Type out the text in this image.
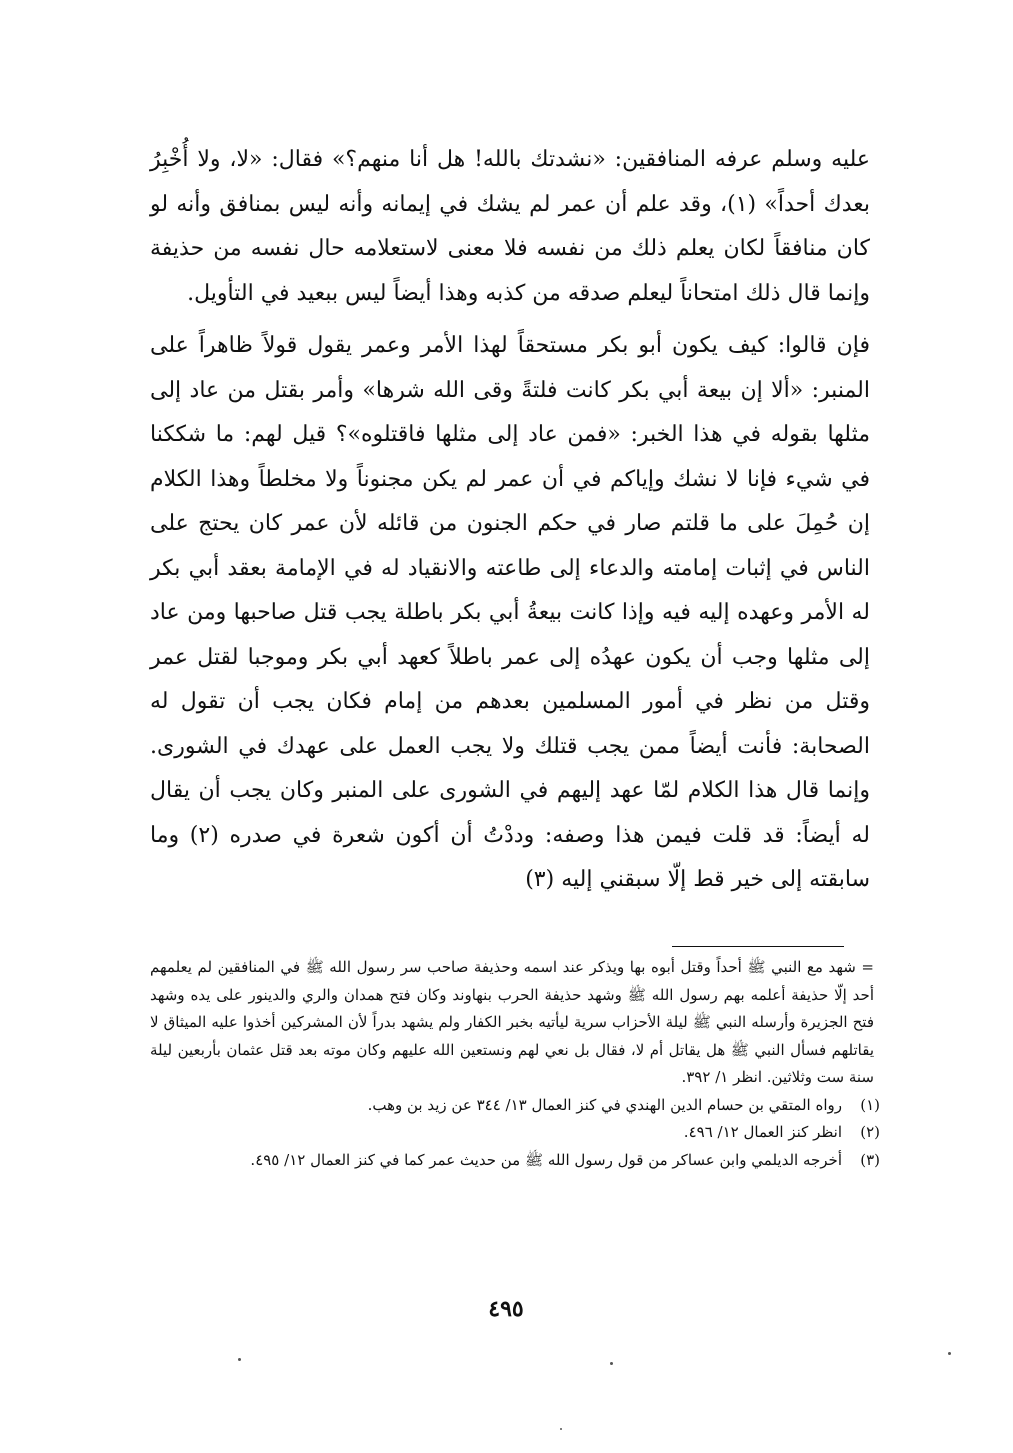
عليه وسلم عرفه المنافقين: «نشدتك بالله! هل أنا منهم؟» فقال: «لا، ولا أُخْبِرُ بعدك أحداً» (١)، وقد علم أن عمر لم يشك في إيمانه وأنه ليس بمنافق وأنه لو كان منافقاً لكان يعلم ذلك من نفسه فلا معنى لاستعلامه حال نفسه من حذيفة وإنما قال ذلك امتحاناً ليعلم صدقه من كذبه وهذا أيضاً ليس ببعيد في التأويل.

فإن قالوا: كيف يكون أبو بكر مستحقاً لهذا الأمر وعمر يقول قولاً ظاهراً على المنبر: «ألا إن بيعة أبي بكر كانت فلتةً وقى الله شرها» وأمر بقتل من عاد إلى مثلها بقوله في هذا الخبر: «فمن عاد إلى مثلها فاقتلوه»؟ قيل لهم: ما شككنا في شيء فإنا لا نشك وإياكم في أن عمر لم يكن مجنوناً ولا مخلطاً وهذا الكلام إن حُمِلَ على ما قلتم صار في حكم الجنون من قائله لأن عمر كان يحتج على الناس في إثبات إمامته والدعاء إلى طاعته والانقياد له في الإمامة بعقد أبي بكر له الأمر وعهده إليه فيه وإذا كانت بيعةُ أبي بكر باطلة يجب قتل صاحبها ومن عاد إلى مثلها وجب أن يكون عهدُه إلى عمر باطلاً كعهد أبي بكر وموجبا لقتل عمر وقتل من نظر في أمور المسلمين بعدهم من إمام فكان يجب أن تقول له الصحابة: فأنت أيضاً ممن يجب قتلك ولا يجب العمل على عهدك في الشورى. وإنما قال هذا الكلام لمّا عهد إليهم في الشورى على المنبر وكان يجب أن يقال له أيضاً: قد قلت فيمن هذا وصفه: وددْتُ أن أكون شعرة في صدره (٢) وما سابقته إلى خير قط إلّا سبقني إليه (٣)

= شهد مع النبي ﷺ أحداً وقتل أبوه بها ويذكر عند اسمه وحذيفة صاحب سر رسول الله ﷺ في المنافقين لم يعلمهم أحد إلّا حذيفة أعلمه بهم رسول الله ﷺ وشهد حذيفة الحرب بنهاوند وكان فتح همدان والري والدينور على يده وشهد فتح الجزيرة وأرسله النبي ﷺ ليلة الأحزاب سرية ليأتيه بخبر الكفار ولم يشهد بدراً لأن المشركين أخذوا عليه الميثاق لا يقاتلهم فسأل النبي ﷺ هل يقاتل أم لا، فقال بل نعي لهم ونستعين الله عليهم وكان موته بعد قتل عثمان بأربعين ليلة سنة ست وثلاثين. انظر ١/ ٣٩٢.

(١)رواه المتقي بن حسام الدين الهندي في كنز العمال ١٣/ ٣٤٤ عن زيد بن وهب.

(٢)انظر كنز العمال ١٢/ ٤٩٦.

(٣)أخرجه الديلمي وابن عساكر من قول رسول الله ﷺ من حديث عمر كما في كنز العمال ١٢/ ٤٩٥.

٤٩٥
